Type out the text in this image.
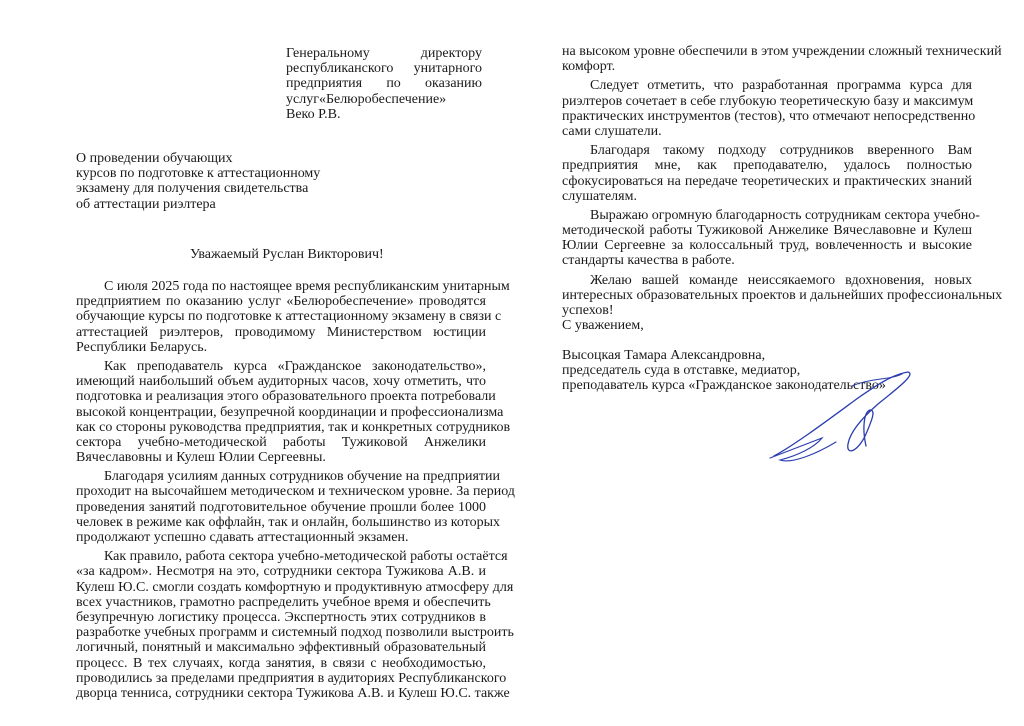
Генеральному директору
республиканского унитарного
предприятия по оказанию
услуг«Белюробеспечение»
Веко Р.В.
О проведении обучающих
курсов по подготовке к аттестационному
экзамену для получения свидетельства
об аттестации риэлтера
Уважаемый Руслан Викторович!
С июля 2025 года по настоящее время республиканским унитарным
предприятием по оказанию услуг «Белюробеспечение» проводятся
обучающие курсы по подготовке к аттестационному экзамену в связи с
аттестацией риэлтеров, проводимому Министерством юстиции
Республики Беларусь.
Как преподаватель курса «Гражданское законодательство»,
имеющий наибольший объем аудиторных часов, хочу отметить, что
подготовка и реализация этого образовательного проекта потребовали
высокой концентрации, безупречной координации и профессионализма
как со стороны руководства предприятия, так и конкретных сотрудников
сектора учебно-методической работы Тужиковой Анжелики
Вячеславовны и Кулеш Юлии Сергеевны.
Благодаря усилиям данных сотрудников обучение на предприятии
проходит на высочайшем методическом и техническом уровне. За период
проведения занятий подготовительное обучение прошли более 1000
человек в режиме как оффлайн, так и онлайн, большинство из которых
продолжают успешно сдавать аттестационный экзамен.
Как правило, работа сектора учебно-методической работы остаётся
«за кадром». Несмотря на это, сотрудники сектора Тужикова А.В. и
Кулеш Ю.С. смогли создать комфортную и продуктивную атмосферу для
всех участников, грамотно распределить учебное время и обеспечить
безупречную логистику процесса. Экспертность этих сотрудников в
разработке учебных программ и системный подход позволили выстроить
логичный, понятный и максимально эффективный образовательный
процесс. В тех случаях, когда занятия, в связи с необходимостью,
проводились за пределами предприятия в аудиториях Республиканского
дворца тенниса, сотрудники сектора Тужикова А.В. и Кулеш Ю.С. также
на высоком уровне обеспечили в этом учреждении сложный технический
комфорт.
Следует отметить, что разработанная программа курса для
риэлтеров сочетает в себе глубокую теоретическую базу и максимум
практических инструментов (тестов), что отмечают непосредственно
сами слушатели.
Благодаря такому подходу сотрудников вверенного Вам
предприятия мне, как преподавателю, удалось полностью
сфокусироваться на передаче теоретических и практических знаний
слушателям.
Выражаю огромную благодарность сотрудникам сектора учебно-
методической работы Тужиковой Анжелике Вячеславовне и Кулеш
Юлии Сергеевне за колоссальный труд, вовлеченность и высокие
стандарты качества в работе.
Желаю вашей команде неиссякаемого вдохновения, новых
интересных образовательных проектов и дальнейших профессиональных
успехов!
С уважением,
Высоцкая Тамара Александровна,
председатель суда в отставке, медиатор,
преподаватель курса «Гражданское законодательство»
